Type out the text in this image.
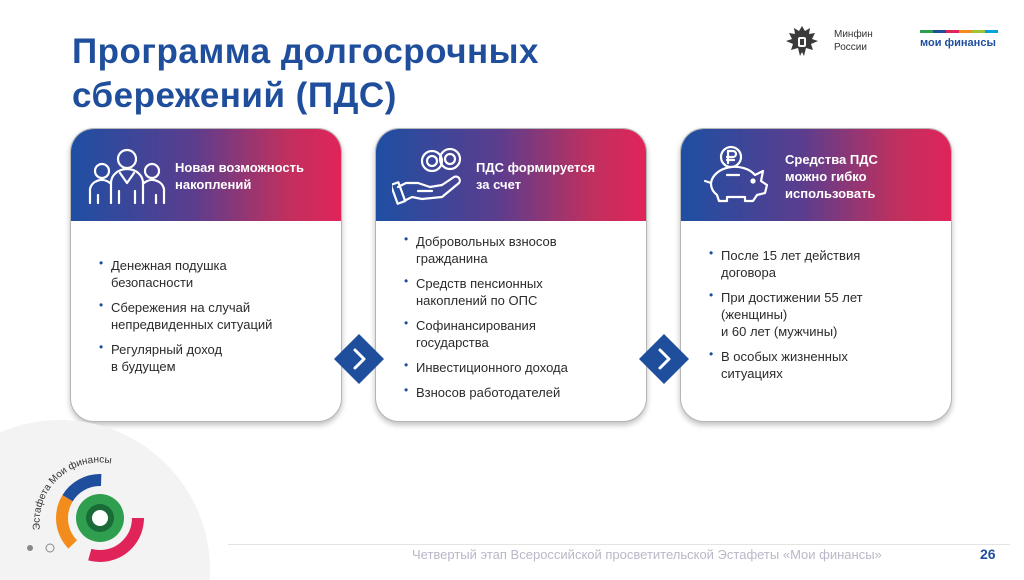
Программа долгосрочных
сбережений (ПДС)
Минфин
России	мои финансы
Новая возможность
накоплений
• Денежная подушка
безопасности
• Сбережения на случай
непредвиденных ситуаций
• Регулярный доход
в будущем
ПДС формируется
за счет
• Добровольных взносов
гражданина
• Средств пенсионных
накоплений по ОПС
• Софинансирования
государства
• Инвестиционного дохода
• Взносов работодателей
Средства ПДС
можно гибко
использовать
• После 15 лет действия
договора
• При достижении 55 лет
(женщины)
и 60 лет (мужчины)
• В особых жизненных
ситуациях
Эстафета Мои финансы
Четвертый этап Всероссийской просветительской Эстафеты «Мои финансы»	26
